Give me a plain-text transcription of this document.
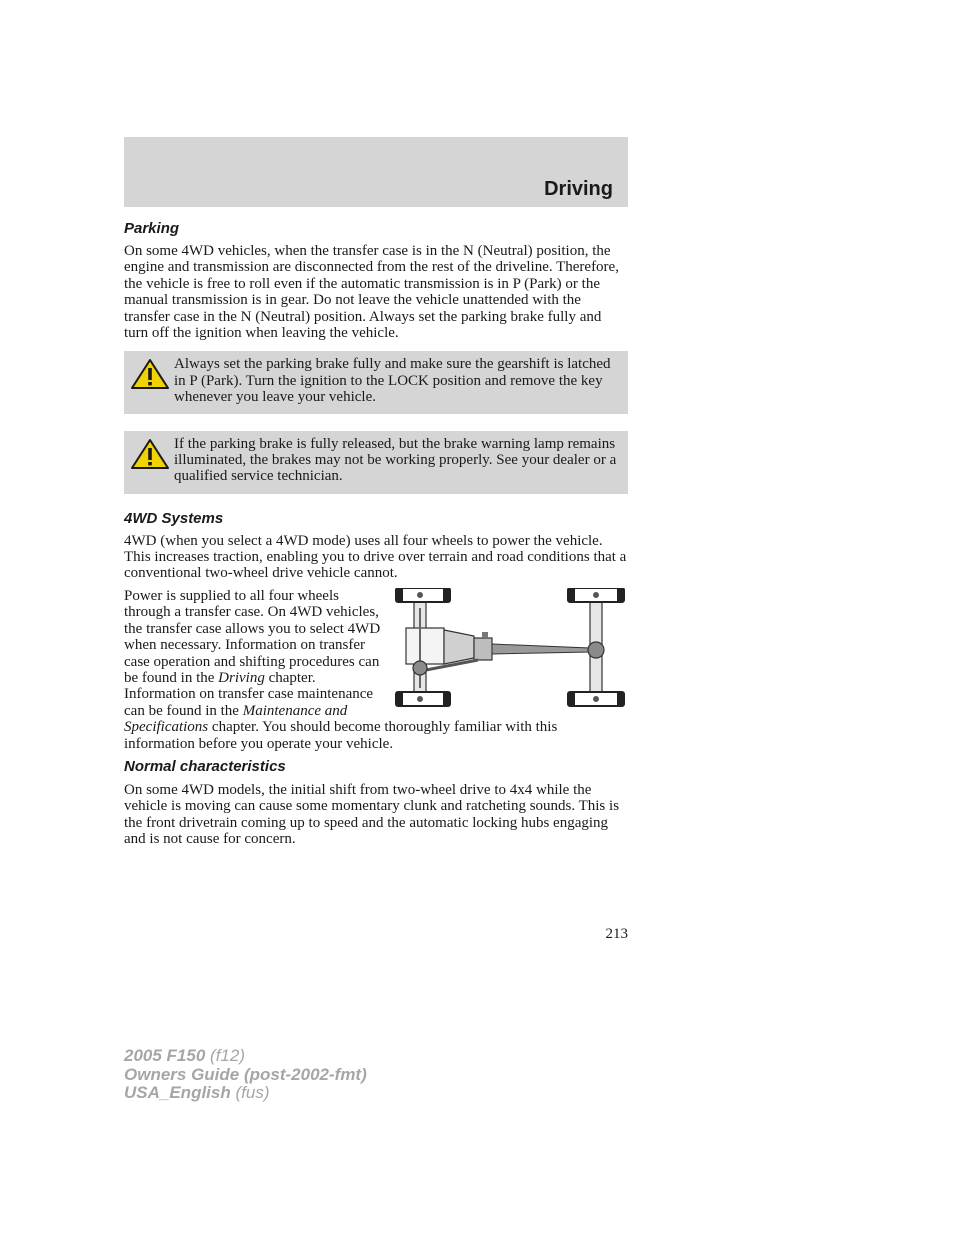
Driving
Parking

On some 4WD vehicles, when the transfer case is in the N (Neutral) position, the engine and transmission are disconnected from the rest of the driveline. Therefore, the vehicle is free to roll even if the automatic transmission is in P (Park) or the manual transmission is in gear. Do not leave the vehicle unattended with the transfer case in the N (Neutral) position. Always set the parking brake fully and turn off the ignition when leaving the vehicle.

Always set the parking brake fully and make sure the gearshift is latched in P (Park). Turn the ignition to the LOCK position and remove the key whenever you leave your vehicle.

If the parking brake is fully released, but the brake warning lamp remains illuminated, the brakes may not be working properly. See your dealer or a qualified service technician.

4WD Systems

4WD (when you select a 4WD mode) uses all four wheels to power the vehicle. This increases traction, enabling you to drive over terrain and road conditions that a conventional two-wheel drive vehicle cannot.

Power is supplied to all four wheels through a transfer case. On 4WD vehicles, the transfer case allows you to select 4WD when necessary. Information on transfer case operation and shifting procedures can be found in the Driving chapter. Information on transfer case maintenance can be found in the Maintenance and Specifications chapter. You should become thoroughly familiar with this information before you operate your vehicle.

Normal characteristics

On some 4WD models, the initial shift from two-wheel drive to 4x4 while the vehicle is moving can cause some momentary clunk and ratcheting sounds. This is the front drivetrain coming up to speed and the automatic locking hubs engaging and is not cause for concern.

213
2005 F150 (f12)
Owners Guide (post-2002-fmt)
USA_English (fus)
